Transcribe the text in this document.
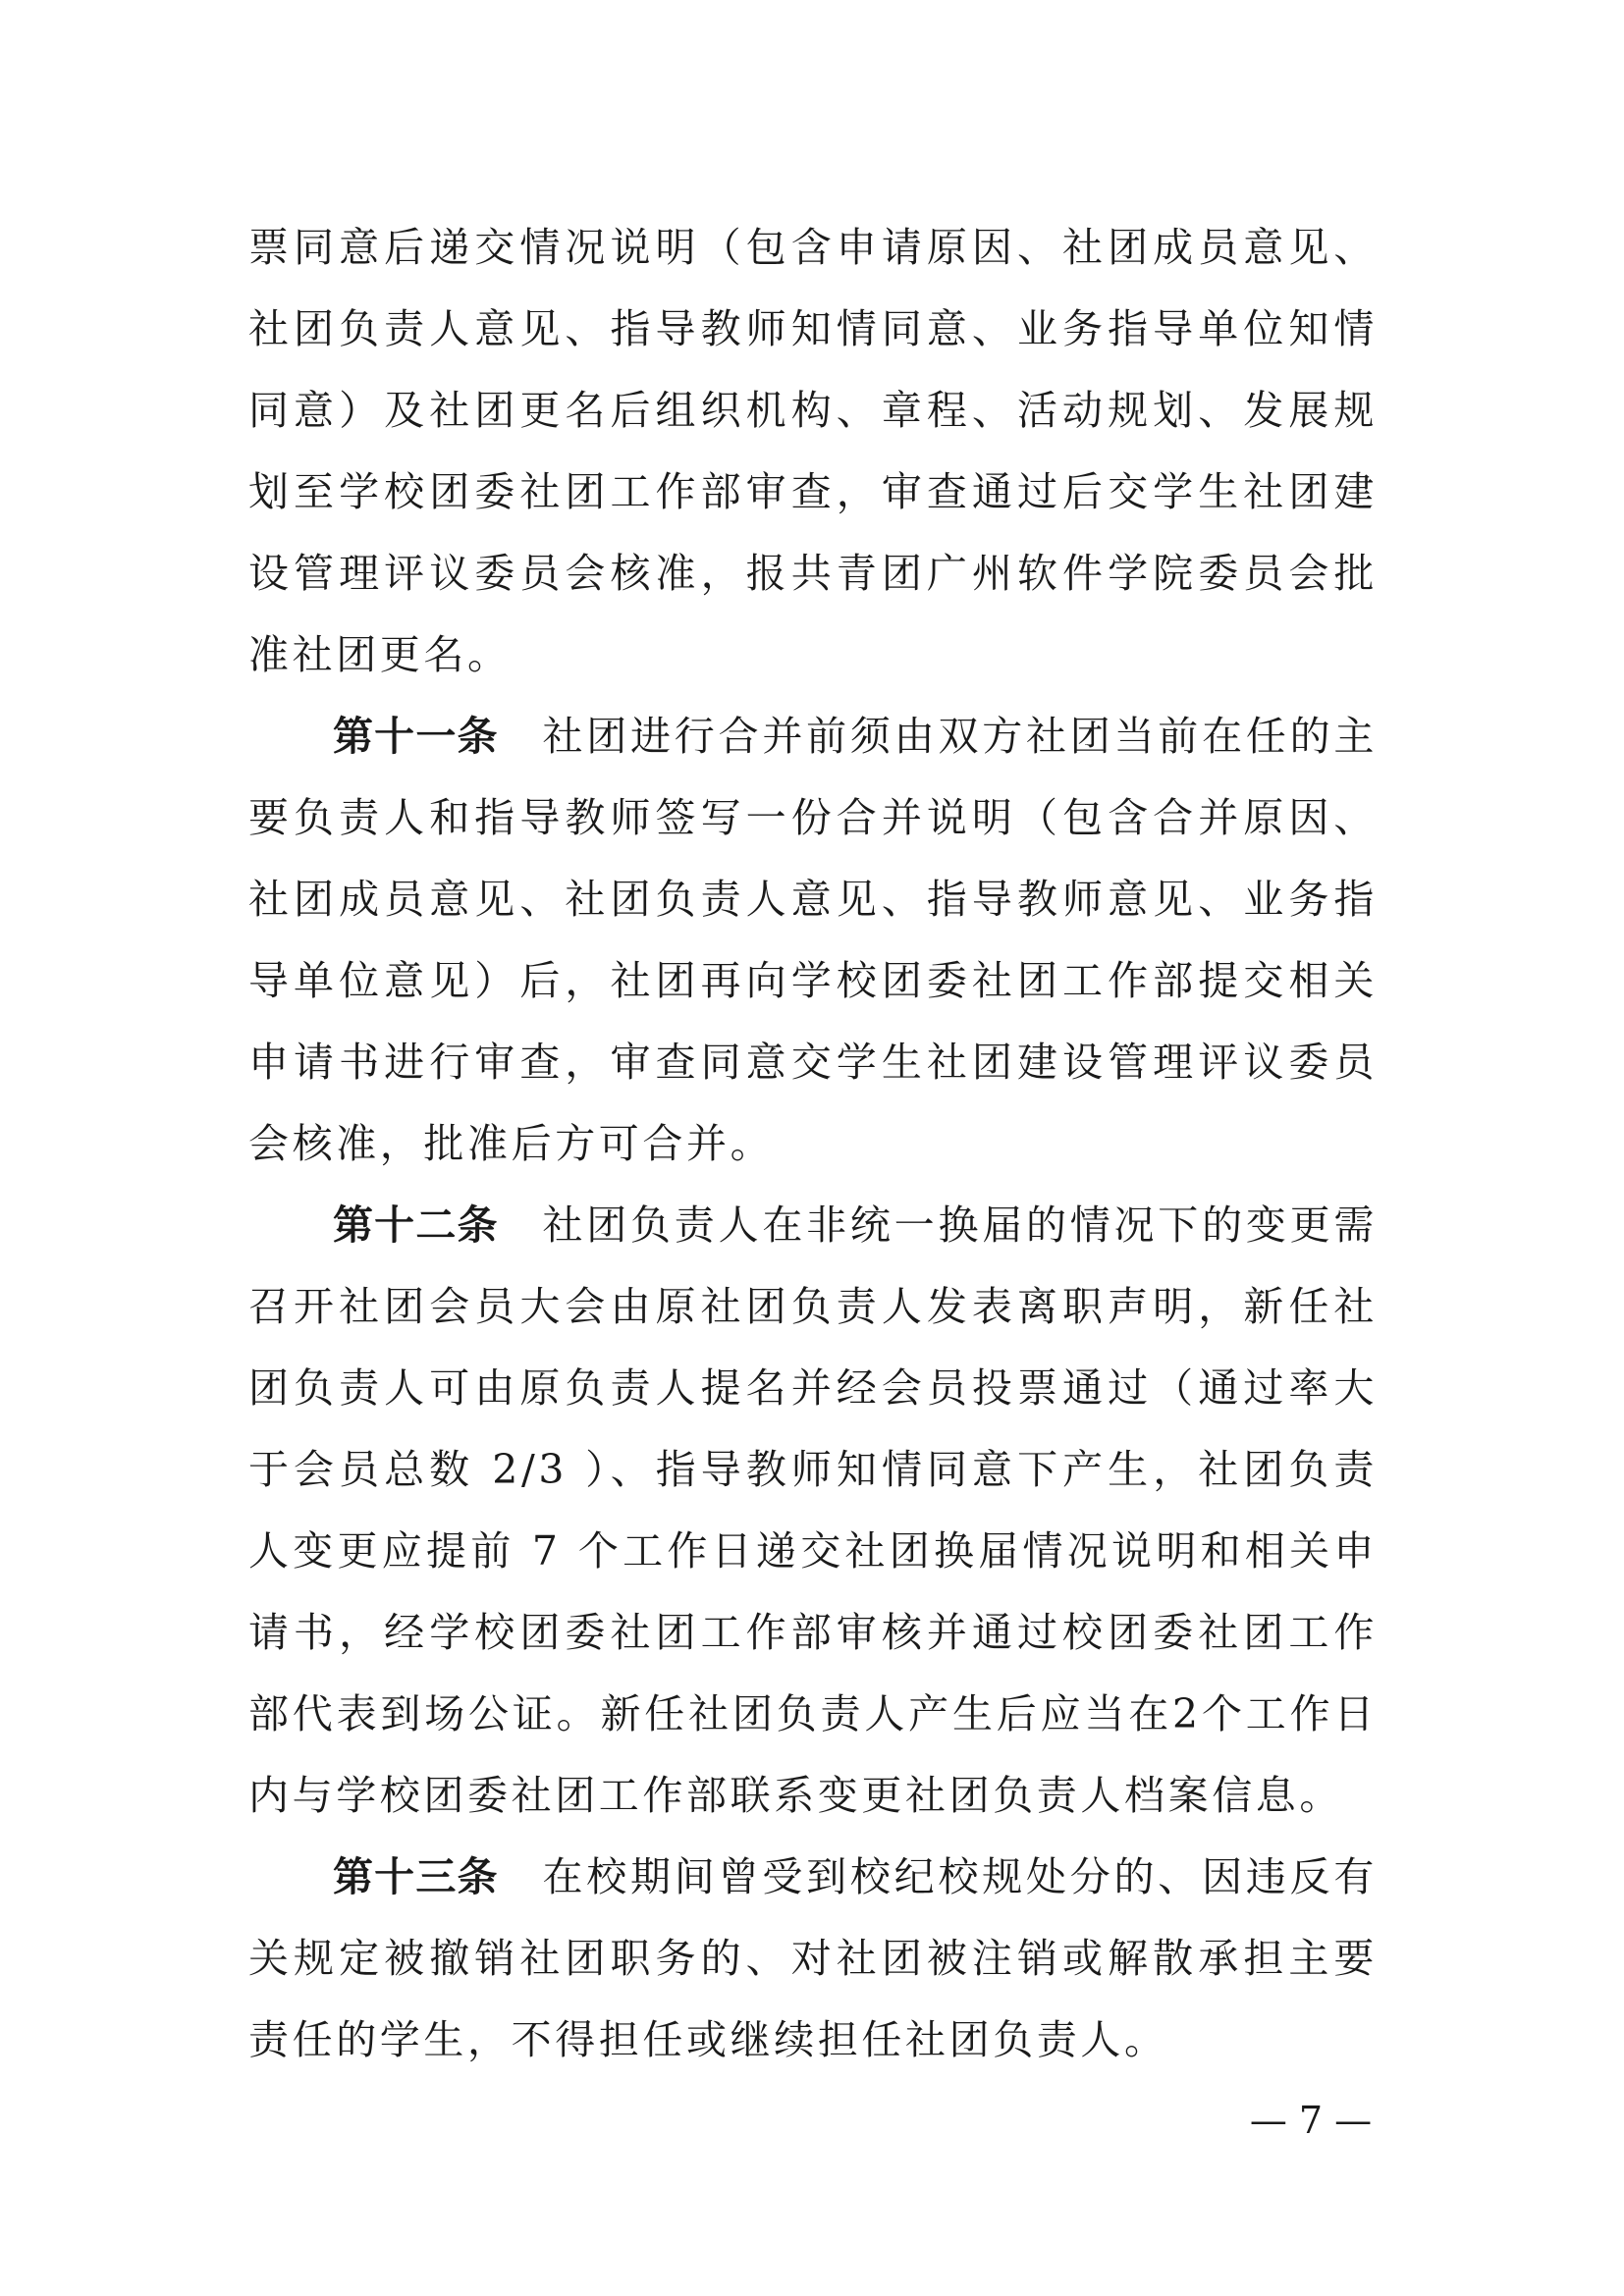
票同意后递交情况说明（包含申请原因、社团成员意见、
社团负责人意见、指导教师知情同意、业务指导单位知情
同意）及社团更名后组织机构、章程、活动规划、发展规
划至学校团委社团工作部审查，审查通过后交学生社团建
设管理评议委员会核准，报共青团广州软件学院委员会批
准社团更名。
第十一条　 社团进行合并前须由双方社团当前在任的主
要负责人和指导教师签写一份合并说明（包含合并原因、
社团成员意见、社团负责人意见、指导教师意见、业务指
导单位意见）后，社团再向学校团委社团工作部提交相关
申请书进行审查，审查同意交学生社团建设管理评议委员
会核准，批准后方可合并。
第十二条　 社团负责人在非统一换届的情况下的变更需
召开社团会员大会由原社团负责人发表离职声明，新任社
团负责人可由原负责人提名并经会员投票通过（通过率大
于会员总数 2/3 ）、指导教师知情同意下产生，社团负责
人变更应提前 7 个工作日递交社团换届情况说明和相关申
请书，经学校团委社团工作部审核并通过校团委社团工作
部代表到场公证。新任社团负责人产生后应当在2个工作日
内与学校团委社团工作部联系变更社团负责人档案信息。
第十三条　 在校期间曾受到校纪校规处分的、因违反有
关规定被撤销社团职务的、对社团被注销或解散承担主要
责任的学生，不得担任或继续担任社团负责人。
— 7 —
